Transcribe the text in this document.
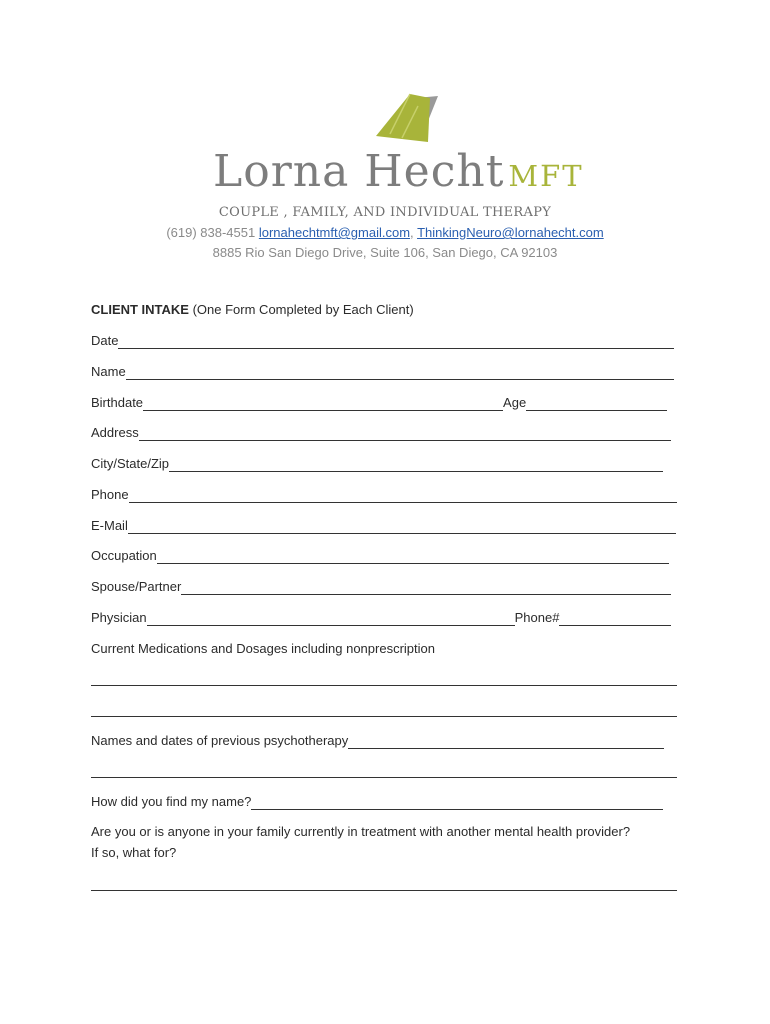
Lorna Hecht MFT
COUPLE , FAMILY, AND INDIVIDUAL THERAPY
(619) 838-4551 lornahechtmft@gmail.com, ThinkingNeuro@lornahecht.com
8885 Rio San Diego Drive, Suite 106, San Diego, CA 92103
CLIENT INTAKE (One Form Completed by Each Client)
Date
Name
Birthdate	Age
Address
City/State/Zip
Phone
E-Mail
Occupation
Spouse/Partner
Physician	Phone#
Current Medications and Dosages including nonprescription
Names and dates of previous psychotherapy
How did you find my name?
Are you or is anyone in your family currently in treatment with another mental health provider?
If so, what for?
